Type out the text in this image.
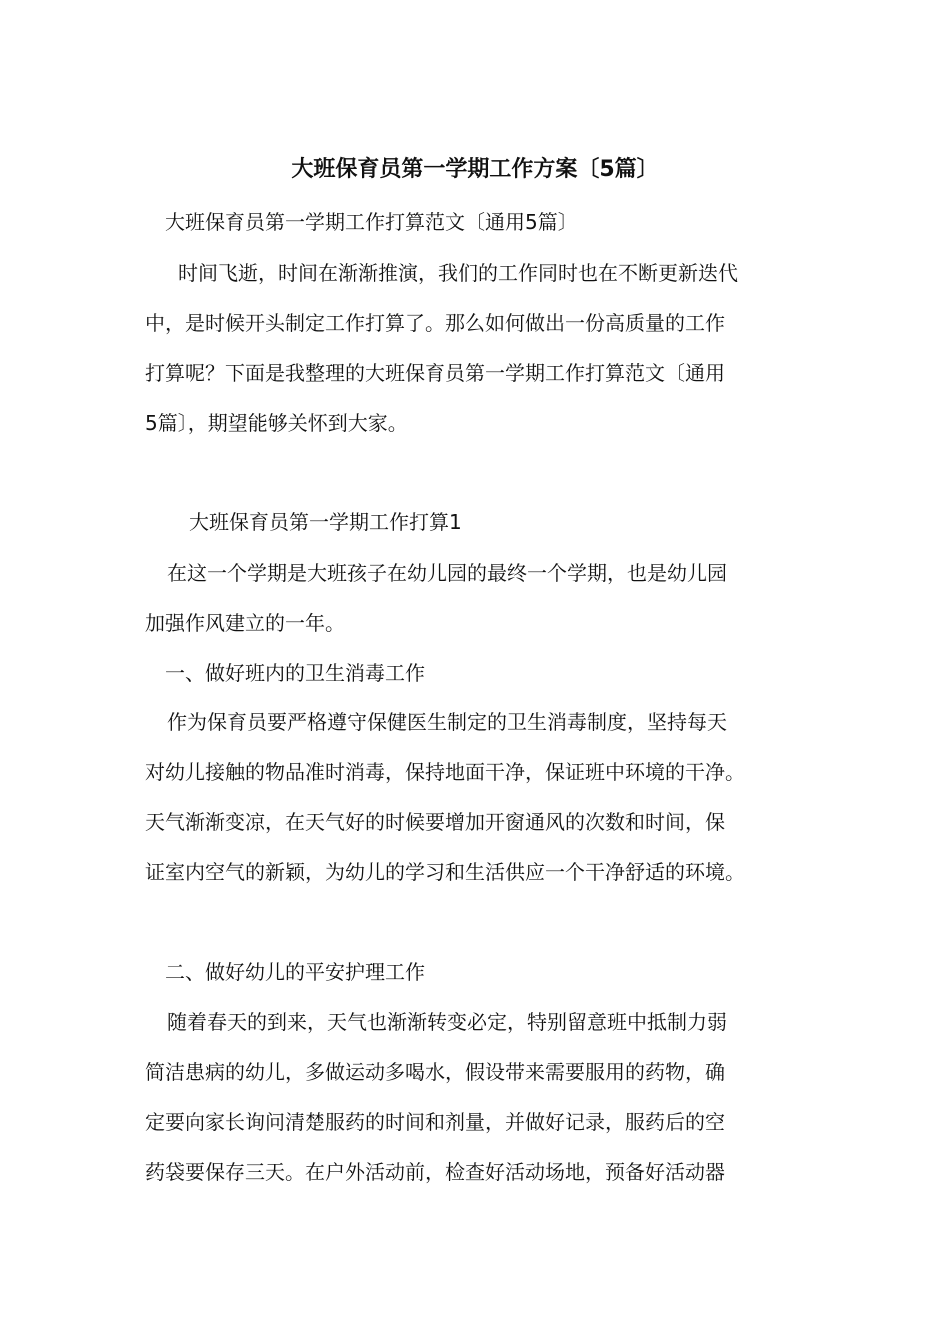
大班保育员第一学期工作方案〔5篇〕
大班保育员第一学期工作打算范文〔通用5篇〕
时间飞逝，时间在渐渐推演，我们的工作同时也在不断更新迭代
中，是时候开头制定工作打算了。那么如何做出一份高质量的工作
打算呢？下面是我整理的大班保育员第一学期工作打算范文〔通用
5篇〕，期望能够关怀到大家。
大班保育员第一学期工作打算1
在这一个学期是大班孩子在幼儿园的最终一个学期，也是幼儿园
加强作风建立的一年。
一、做好班内的卫生消毒工作
作为保育员要严格遵守保健医生制定的卫生消毒制度，坚持每天
对幼儿接触的物品准时消毒，保持地面干净，保证班中环境的干净。
天气渐渐变凉，在天气好的时候要增加开窗通风的次数和时间，保
证室内空气的新颖，为幼儿的学习和生活供应一个干净舒适的环境。
二、做好幼儿的平安护理工作
随着春天的到来，天气也渐渐转变必定，特别留意班中抵制力弱
简洁患病的幼儿，多做运动多喝水，假设带来需要服用的药物，确
定要向家长询问清楚服药的时间和剂量，并做好记录，服药后的空
药袋要保存三天。在户外活动前，检查好活动场地，预备好活动器
